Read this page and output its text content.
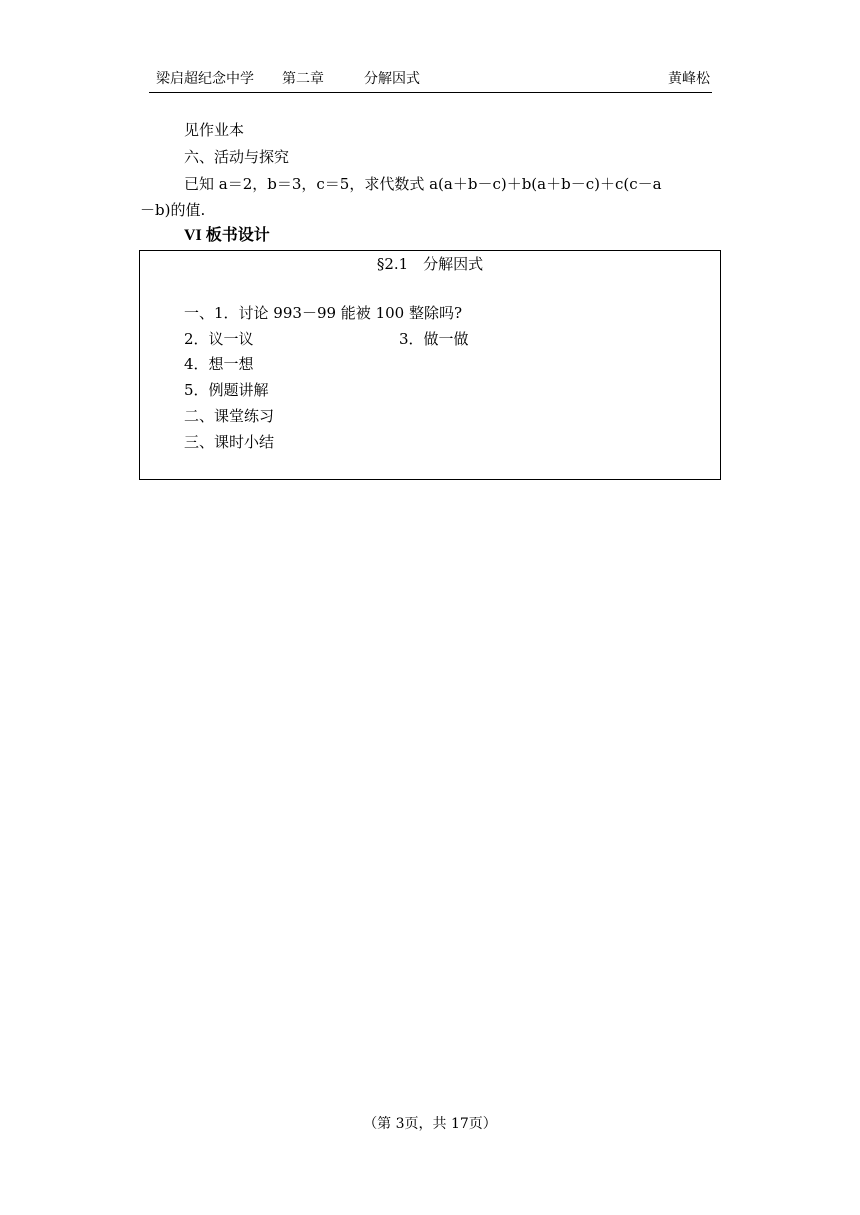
梁启超纪念中学 第二章	分解因式	黄峰松
见作业本
六、活动与探究
已知 a＝2，b＝3，c＝5，求代数式 a(a＋b－c)＋b(a＋b－c)＋c(c－a
－b)的值.
VI 板书设计
§2.1　分解因式
一、1．讨论 993－99 能被 100 整除吗?
2．议一议	3．做一做
4．想一想
5．例题讲解
二、课堂练习
三、课时小结
（第 3页，共 17页）
